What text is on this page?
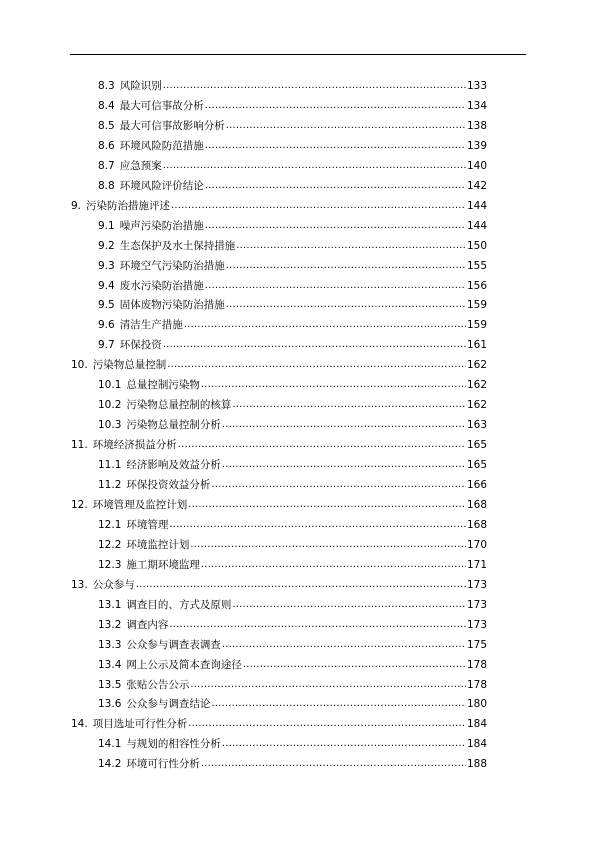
8.3 风险识别 .....	133
8.4 最大可信事故分析 .....	134
8.5 最大可信事故影响分析 .....	138
8.6 环境风险防范措施 .....	139
8.7 应急预案 .....	140
8.8 环境风险评价结论 .....	142
9. 污染防治措施评述 .....	144
9.1 噪声污染防治措施 .....	144
9.2 生态保护及水土保持措施 .....	150
9.3 环境空气污染防治措施 .....	155
9.4 废水污染防治措施 .....	156
9.5 固体废物污染防治措施 .....	159
9.6 清洁生产措施 .....	159
9.7 环保投资 .....	161
10. 污染物总量控制 .....	162
10.1 总量控制污染物 .....	162
10.2 污染物总量控制的核算 .....	162
10.3 污染物总量控制分析 .....	163
11. 环境经济损益分析 .....	165
11.1 经济影响及效益分析 .....	165
11.2 环保投资效益分析 .....	166
12. 环境管理及监控计划 .....	168
12.1 环境管理 .....	168
12.2 环境监控计划 .....	170
12.3 施工期环境监理 .....	171
13. 公众参与 .....	173
13.1 调查目的、方式及原则 .....	173
13.2 调查内容 .....	173
13.3 公众参与调查表调查 .....	175
13.4 网上公示及简本查询途径 .....	178
13.5 张贴公告公示 .....	178
13.6 公众参与调查结论 .....	180
14. 项目选址可行性分析 .....	184
14.1 与规划的相容性分析 .....	184
14.2 环境可行性分析 .....	188
